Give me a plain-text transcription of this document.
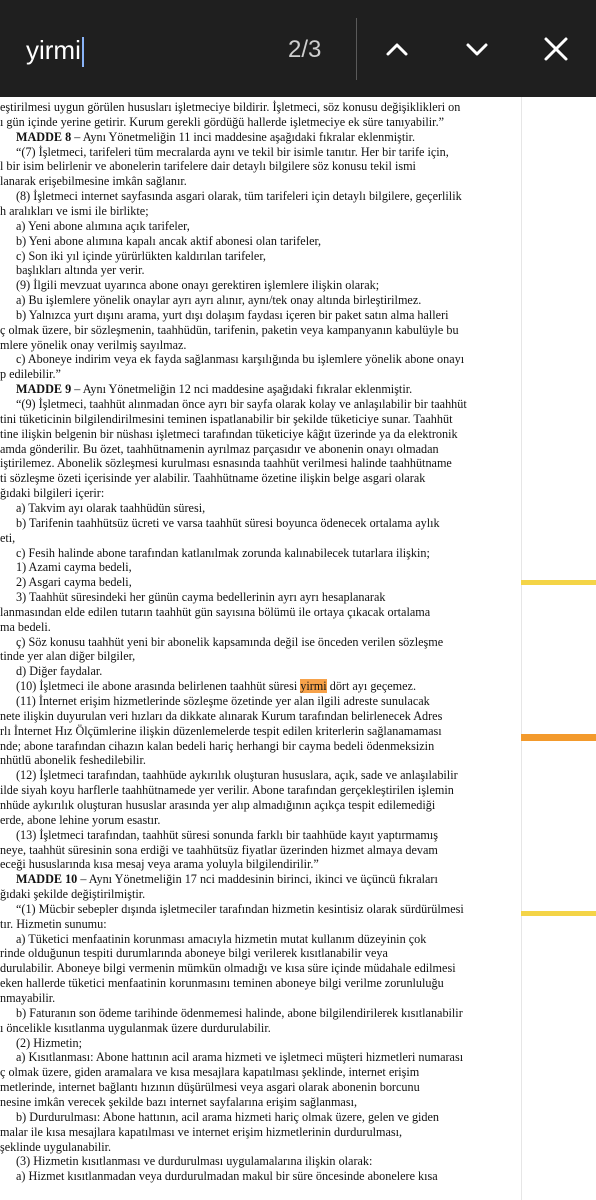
yirmi	2/3
eştirilmesi uygun görülen hususları işletmeciye bildirir. İşletmeci, söz konusu değişiklikleri on
ı gün içinde yerine getirir. Kurum gerekli gördüğü hallerde işletmeciye ek süre tanıyabilir.”
MADDE 8 – Aynı Yönetmeliğin 11 inci maddesine aşağıdaki fıkralar eklenmiştir.
“(7) İşletmeci, tarifeleri tüm mecralarda aynı ve tekil bir isimle tanıtır. Her bir tarife için,
l bir isim belirlenir ve abonelerin tarifelere dair detaylı bilgilere söz konusu tekil ismi
lanarak erişebilmesine imkân sağlanır.
(8) İşletmeci internet sayfasında asgari olarak, tüm tarifeleri için detaylı bilgilere, geçerlilik
h aralıkları ve ismi ile birlikte;
a) Yeni abone alımına açık tarifeler,
b) Yeni abone alımına kapalı ancak aktif abonesi olan tarifeler,
c) Son iki yıl içinde yürürlükten kaldırılan tarifeler,
başlıkları altında yer verir.
(9) İlgili mevzuat uyarınca abone onayı gerektiren işlemlere ilişkin olarak;
a) Bu işlemlere yönelik onaylar ayrı ayrı alınır, aynı/tek onay altında birleştirilmez.
b) Yalnızca yurt dışını arama, yurt dışı dolaşım faydası içeren bir paket satın alma halleri
ç olmak üzere, bir sözleşmenin, taahhüdün, tarifenin, paketin veya kampanyanın kabulüyle bu
mlere yönelik onay verilmiş sayılmaz.
c) Aboneye indirim veya ek fayda sağlanması karşılığında bu işlemlere yönelik abone onayı
p edilebilir.”
MADDE 9 – Aynı Yönetmeliğin 12 nci maddesine aşağıdaki fıkralar eklenmiştir.
“(9) İşletmeci, taahhüt alınmadan önce ayrı bir sayfa olarak kolay ve anlaşılabilir bir taahhüt
tini tüketicinin bilgilendirilmesini teminen ispatlanabilir bir şekilde tüketiciye sunar. Taahhüt
tine ilişkin belgenin bir nüshası işletmeci tarafından tüketiciye kâğıt üzerinde ya da elektronik
amda gönderilir. Bu özet, taahhütnamenin ayrılmaz parçasıdır ve abonenin onayı olmadan
iştirilemez. Abonelik sözleşmesi kurulması esnasında taahhüt verilmesi halinde taahhütname
ti sözleşme özeti içerisinde yer alabilir. Taahhütname özetine ilişkin belge asgari olarak
ğıdaki bilgileri içerir:
a) Takvim ayı olarak taahhüdün süresi,
b) Tarifenin taahhütsüz ücreti ve varsa taahhüt süresi boyunca ödenecek ortalama aylık
eti,
c) Fesih halinde abone tarafından katlanılmak zorunda kalınabilecek tutarlara ilişkin;
1) Azami cayma bedeli,
2) Asgari cayma bedeli,
3) Taahhüt süresindeki her günün cayma bedellerinin ayrı ayrı hesaplanarak
lanmasından elde edilen tutarın taahhüt gün sayısına bölümü ile ortaya çıkacak ortalama
ma bedeli.
ç) Söz konusu taahhüt yeni bir abonelik kapsamında değil ise önceden verilen sözleşme
tinde yer alan diğer bilgiler,
d) Diğer faydalar.
(10) İşletmeci ile abone arasında belirlenen taahhüt süresi yirmi dört ayı geçemez.
(11) İnternet erişim hizmetlerinde sözleşme özetinde yer alan ilgili adreste sunulacak
nete ilişkin duyurulan veri hızları da dikkate alınarak Kurum tarafından belirlenecek Adres
rlı İnternet Hız Ölçümlerine ilişkin düzenlemelerde tespit edilen kriterlerin sağlanamaması
nde; abone tarafından cihazın kalan bedeli hariç herhangi bir cayma bedeli ödenmeksizin
nhütlü abonelik feshedilebilir.
(12) İşletmeci tarafından, taahhüde aykırılık oluşturan hususlara, açık, sade ve anlaşılabilir
ilde siyah koyu harflerle taahhütnamede yer verilir. Abone tarafından gerçekleştirilen işlemin
nhüde aykırılık oluşturan hususlar arasında yer alıp almadığının açıkça tespit edilemediği
erde, abone lehine yorum esastır.
(13) İşletmeci tarafından, taahhüt süresi sonunda farklı bir taahhüde kayıt yaptırmamış
neye, taahhüt süresinin sona erdiği ve taahhütsüz fiyatlar üzerinden hizmet almaya devam
eceği hususlarında kısa mesaj veya arama yoluyla bilgilendirilir.”
MADDE 10 – Aynı Yönetmeliğin 17 nci maddesinin birinci, ikinci ve üçüncü fıkraları
ğıdaki şekilde değiştirilmiştir.
“(1) Mücbir sebepler dışında işletmeciler tarafından hizmetin kesintisiz olarak sürdürülmesi
tır. Hizmetin sunumu:
a) Tüketici menfaatinin korunması amacıyla hizmetin mutat kullanım düzeyinin çok
rinde olduğunun tespiti durumlarında aboneye bilgi verilerek kısıtlanabilir veya
durulabilir. Aboneye bilgi vermenin mümkün olmadığı ve kısa süre içinde müdahale edilmesi
eken hallerde tüketici menfaatinin korunmasını teminen aboneye bilgi verilme zorunluluğu
nmayabilir.
b) Faturanın son ödeme tarihinde ödenmemesi halinde, abone bilgilendirilerek kısıtlanabilir
ı öncelikle kısıtlanma uygulanmak üzere durdurulabilir.
(2) Hizmetin;
a) Kısıtlanması: Abone hattının acil arama hizmeti ve işletmeci müşteri hizmetleri numarası
ç olmak üzere, giden aramalara ve kısa mesajlara kapatılması şeklinde, internet erişim
metlerinde, internet bağlantı hızının düşürülmesi veya asgari olarak abonenin borcunu
nesine imkân verecek şekilde bazı internet sayfalarına erişim sağlanması,
b) Durdurulması: Abone hattının, acil arama hizmeti hariç olmak üzere, gelen ve giden
malar ile kısa mesajlara kapatılması ve internet erişim hizmetlerinin durdurulması,
şeklinde uygulanabilir.
(3) Hizmetin kısıtlanması ve durdurulması uygulamalarına ilişkin olarak:
a) Hizmet kısıtlanmadan veya durdurulmadan makul bir süre öncesinde abonelere kısa
